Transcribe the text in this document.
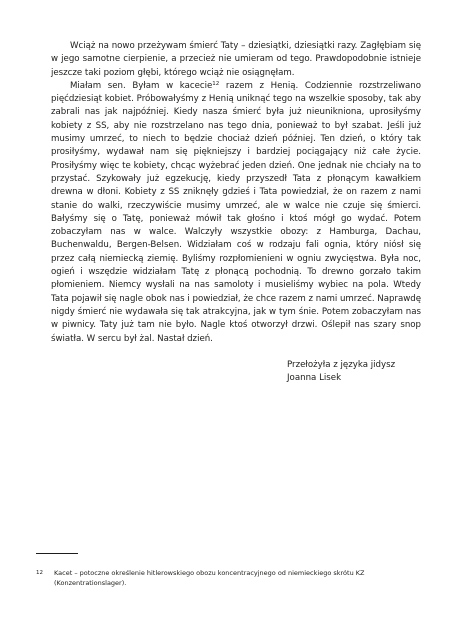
Wciąż na nowo przeżywam śmierć Taty – dziesiątki, dziesiątki razy. Zagłębiam się w jego samotne cierpienie, a przecież nie umieram od tego. Prawdopodobnie istnieje jeszcze taki poziom głębi, którego wciąż nie osiągnęłam.

Miałam sen. Byłam w kacecie$^{12}$ razem z Henią. Codziennie rozstrzeliwano pięćdziesiąt kobiet. Próbowałyśmy z Henią uniknąć tego na wszelkie sposoby, tak aby zabrali nas jak najpóźniej. Kiedy nasza śmierć była już nieunikniona, uprosiłyśmy kobiety z SS, aby nie rozstrzelano nas tego dnia, ponieważ to był szabat. Jeśli już musimy umrzeć, to niech to będzie chociaż dzień później. Ten dzień, o który tak prosiłyśmy, wydawał nam się piękniejszy i bardziej pociągający niż całe życie. Prosiłyśmy więc te kobiety, chcąc wyżebrać jeden dzień. One jednak nie chciały na to przystać. Szykowały już egzekucję, kiedy przyszedł Tata z płonącym kawałkiem drewna w dłoni. Kobiety z SS zniknęły gdzieś i Tata powiedział, że on razem z nami stanie do walki, rzeczywiście musimy umrzeć, ale w walce nie czuje się śmierci. Bałyśmy się o Tatę, ponieważ mówił tak głośno i ktoś mógł go wydać. Potem zobaczyłam nas w walce. Walczyły wszystkie obozy: z Hamburga, Dachau, Buchenwaldu, Bergen-Belsen. Widziałam coś w rodzaju fali ognia, który niósł się przez całą niemiecką ziemię. Byliśmy rozpłomienieni w ogniu zwycięstwa. Była noc, ogień i wszędzie widziałam Tatę z płonącą pochodnią. To drewno gorzało takim płomieniem. Niemcy wysłali na nas samoloty i musieliśmy wybiec na pola. Wtedy Tata pojawił się nagle obok nas i powiedział, że chce razem z nami umrzeć. Naprawdę nigdy śmierć nie wydawała się tak atrakcyjna, jak w tym śnie. Potem zobaczyłam nas w piwnicy. Taty już tam nie było. Nagle ktoś otworzył drzwi. Oślepił nas szary snop światła. W sercu był żal. Nastał dzień.

Przełożyła z języka jidysz
Joanna Lisek
12 Kacet – potoczne określenie hitlerowskiego obozu koncentracyjnego od niemieckiego skrótu KZ (Konzentrationslager).
